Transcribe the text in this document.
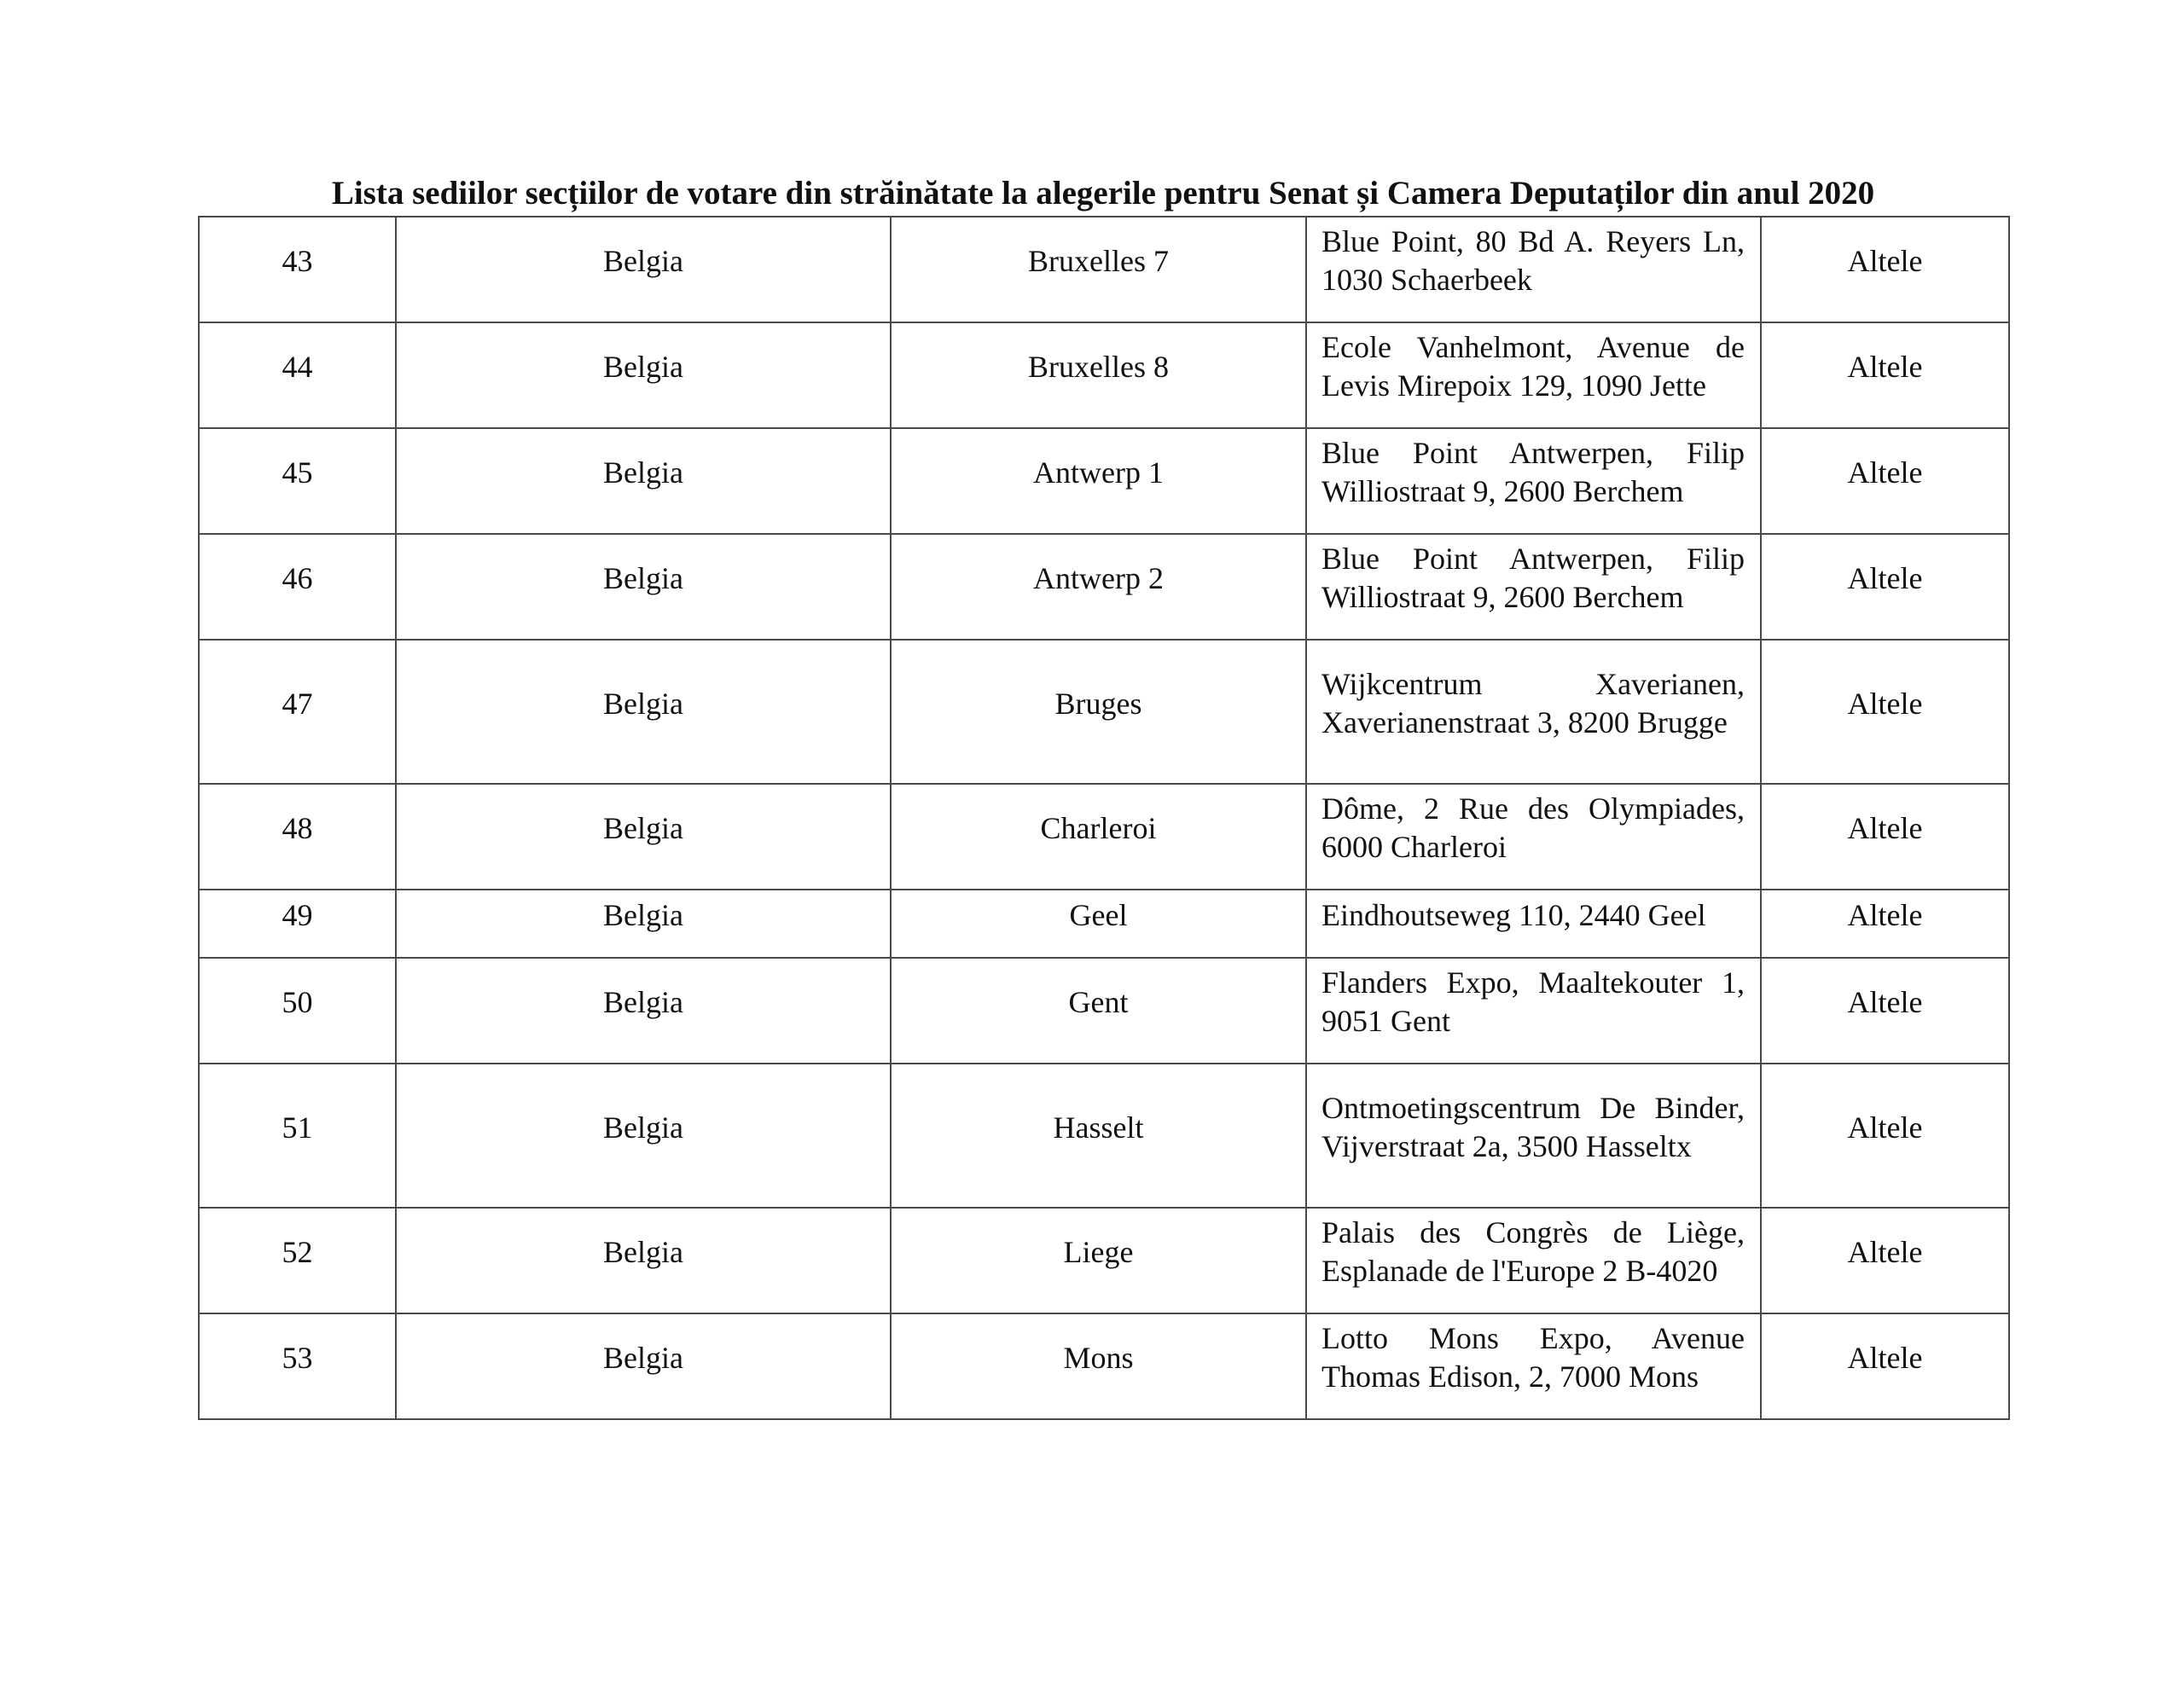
Lista sediilor secțiilor de votare din străinătate la alegerile pentru Senat și Camera Deputaților din anul 2020
43	Belgia	Bruxelles 7	Blue Point, 80 Bd A. Reyers Ln, 1030 Schaerbeek	Altele

44	Belgia	Bruxelles 8	Ecole Vanhelmont, Avenue de Levis Mirepoix 129, 1090 Jette	Altele

45	Belgia	Antwerp 1	Blue Point Antwerpen, Filip Williostraat 9, 2600 Berchem	Altele

46	Belgia	Antwerp 2	Blue Point Antwerpen, Filip Williostraat 9, 2600 Berchem	Altele

47	Belgia	Bruges	Wijkcentrum Xaverianen, Xaverianenstraat 3, 8200 Brugge	Altele

48	Belgia	Charleroi	Dôme, 2 Rue des Olympiades, 6000 Charleroi	Altele

49	Belgia	Geel	Eindhoutseweg 110, 2440 Geel	Altele

50	Belgia	Gent	Flanders Expo, Maaltekouter 1, 9051 Gent	Altele

51	Belgia	Hasselt	Ontmoetingscentrum De Binder, Vijverstraat 2a, 3500 Hasseltx	Altele

52	Belgia	Liege	Palais des Congrès de Liège, Esplanade de l'Europe 2 B-4020	Altele

53	Belgia	Mons	Lotto Mons Expo, Avenue Thomas Edison, 2, 7000 Mons	Altele
